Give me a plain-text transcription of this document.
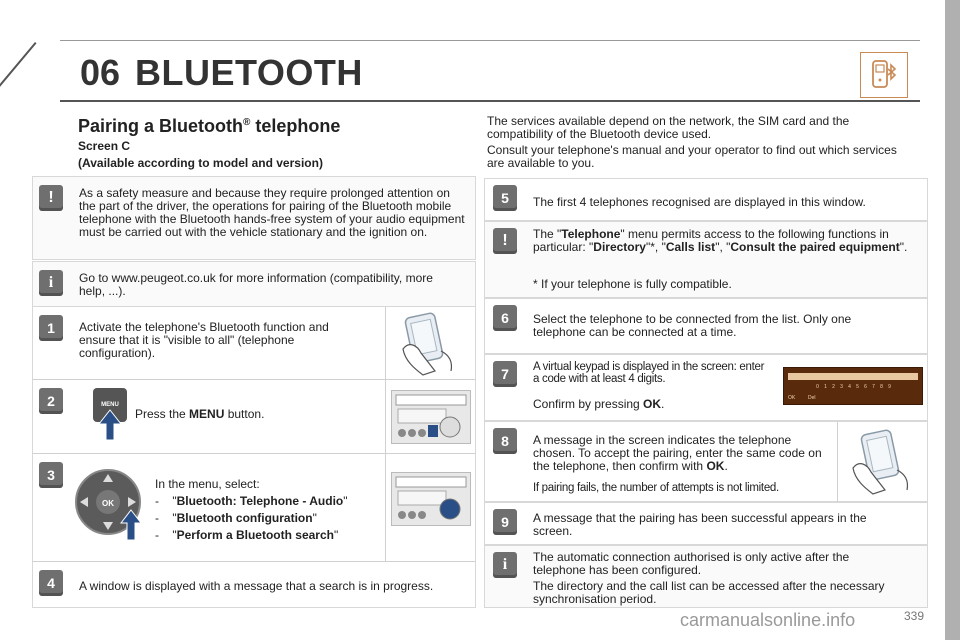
06 BLUETOOTH
Pairing a Bluetooth® telephone
Screen C
(Available according to model and version)
!	As a safety measure and because they require prolonged attention on the part of the driver, the operations for pairing of the Bluetooth mobile telephone with the Bluetooth hands-free system of your audio equipment must be carried out with the vehicle stationary and the ignition on.
i	Go to www.peugeot.co.uk for more information (compatibility, more help, ...).
1	Activate the telephone's Bluetooth function and ensure that it is "visible to all" (telephone configuration).
2	MENU
Press the MENU button.
3
OK
In the menu, select:
-    "Bluetooth: Telephone - Audio"
-    "Bluetooth configuration"
-    "Perform a Bluetooth search"
4	A window is displayed with a message that a search is in progress.
The services available depend on the network, the SIM card and the compatibility of the Bluetooth device used.
Consult your telephone's manual and your operator to find out which services are available to you.
5	The first 4 telephones recognised are displayed in this window.
!	The "Telephone" menu permits access to the following functions in particular: "Directory"*, "Calls list", "Consult the paired equipment".
* If your telephone is fully compatible.
6	Select the telephone to be connected from the list. Only one telephone can be connected at a time.
7	A virtual keypad is displayed in the screen: enter a code with at least 4 digits.
Confirm by pressing OK.
0	1	2	3	4	5	6	7	8	9
OK	Del
8	A message in the screen indicates the telephone chosen. To accept the pairing, enter the same code on the telephone, then confirm with OK.
If pairing fails, the number of attempts is not limited.
9	A message that the pairing has been successful appears in the screen.
i	The automatic connection authorised is only active after the telephone has been configured.
The directory and the call list can be accessed after the necessary synchronisation period.
carmanualsonline.info	339
